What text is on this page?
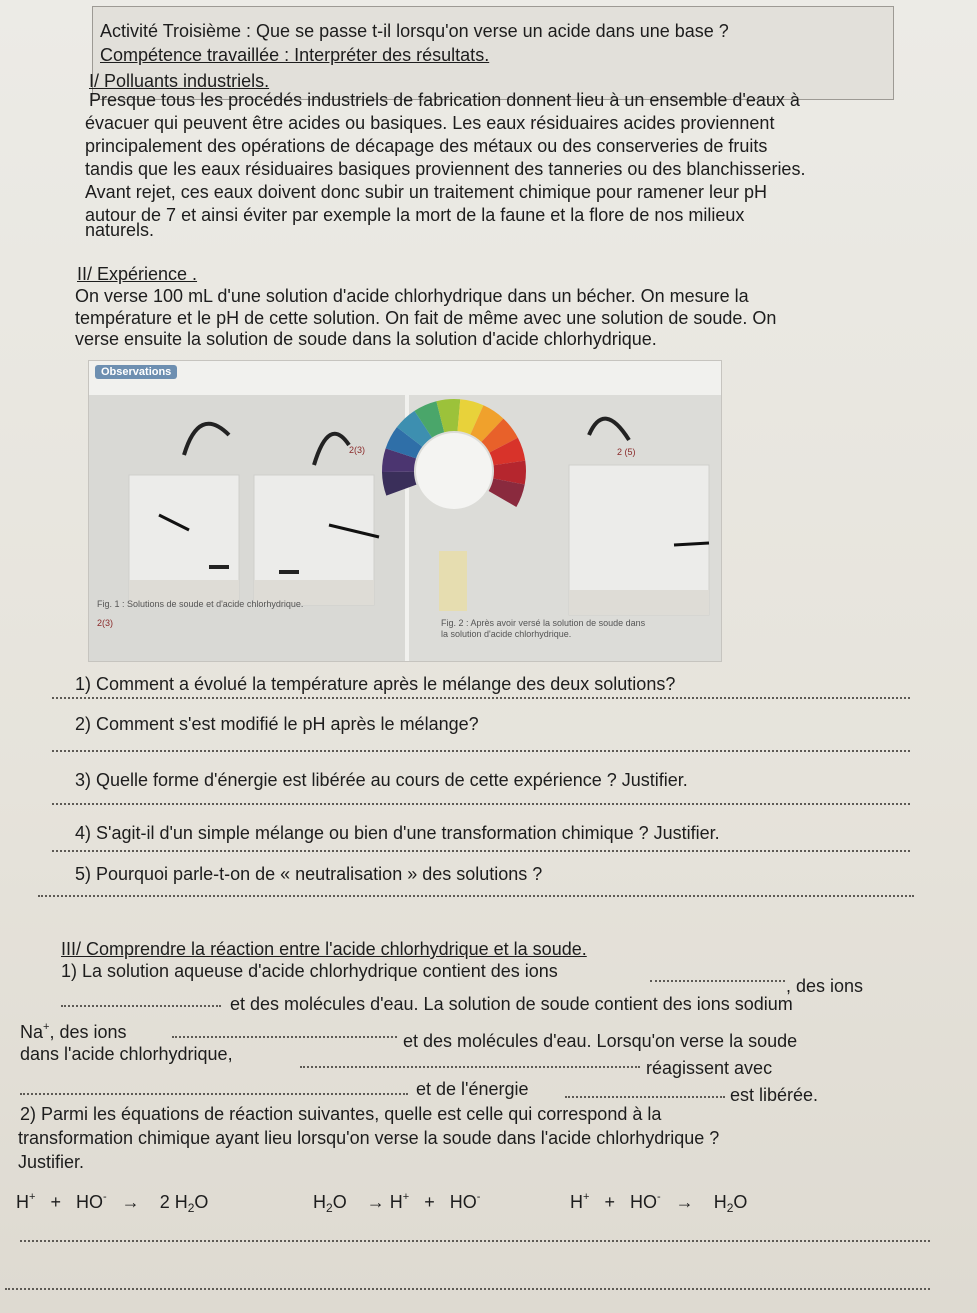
Activité Troisième : Que se passe t-il lorsqu'on verse un acide dans une base ?
Compétence travaillée : Interpréter des résultats.
I/ Polluants industriels.
Presque tous les procédés industriels de fabrication donnent lieu à un ensemble d'eaux à
évacuer qui peuvent être acides ou basiques. Les eaux résiduaires acides proviennent
principalement des opérations de décapage des métaux ou des conserveries de fruits
tandis que les eaux résiduaires basiques proviennent des tanneries ou des blanchisseries.
Avant rejet, ces eaux doivent donc subir un traitement chimique pour ramener leur pH
autour de 7 et ainsi éviter par exemple la mort de la faune et la flore de nos milieux
naturels.
II/ Expérience .
On verse 100 mL d'une solution d'acide chlorhydrique dans un bécher. On mesure la
température et le pH de cette solution. On fait de même avec une solution de soude. On
verse ensuite la solution de soude dans la solution d'acide chlorhydrique.
Observations
2(3)
2(3)	2 (5)
Fig. 1 : Solutions de soude et d'acide chlorhydrique.
Fig. 2 : Après avoir versé la solution de soude dans
la solution d'acide chlorhydrique.
1) Comment a évolué la température après le mélange des deux solutions?
2) Comment s'est modifié le pH après le mélange?
3) Quelle forme d'énergie est libérée au cours de cette expérience ? Justifier.
4) S'agit-il d'un simple mélange ou bien d'une transformation chimique ? Justifier.
5) Pourquoi parle-t-on de « neutralisation » des solutions ?
III/ Comprendre la réaction entre l'acide chlorhydrique et la soude.
1) La solution aqueuse d'acide chlorhydrique contient des ions
, des ions
et des molécules d'eau. La solution de soude contient des ions sodium
Na+, des ions	et des molécules d'eau. Lorsqu'on verse la soude
dans l'acide chlorhydrique,
réagissent avec
et de l'énergie	est libérée.
2) Parmi les équations de réaction suivantes, quelle est celle qui correspond à la
transformation chimique ayant lieu lorsqu'on verse la soude dans l'acide chlorhydrique ?
Justifier.
H+ + HO- → 2 $H_2O$	$H_2O \to H^+ + HO^-$	$H^+ + HO^- \to H_2O$
